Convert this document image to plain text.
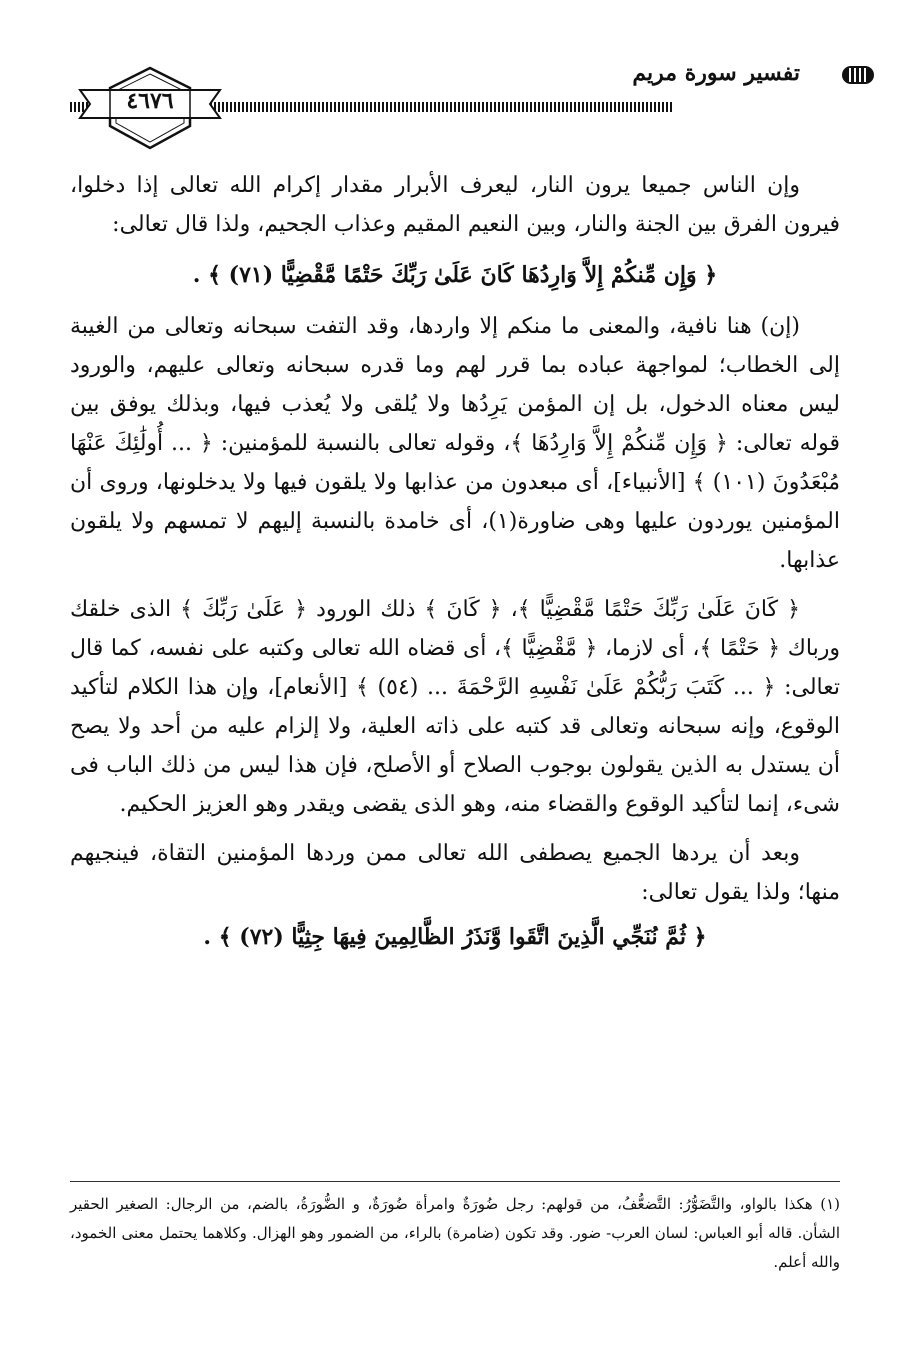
تفسير سورة مريم
٤٦٧٦

وإن الناس جميعا يرون النار، ليعرف الأبرار مقدار إكرام الله تعالى إذا دخلوا، فيرون الفرق بين الجنة والنار، وبين النعيم المقيم وعذاب الجحيم، ولذا قال تعالى:

﴿ وَإِن مِّنكُمْ إِلاَّ وَارِدُهَا كَانَ عَلَىٰ رَبِّكَ حَتْمًا مَّقْضِيًّا (٧١) ﴾ .

(إن) هنا نافية، والمعنى ما منكم إلا واردها، وقد التفت سبحانه وتعالى من الغيبة إلى الخطاب؛ لمواجهة عباده بما قرر لهم وما قدره سبحانه وتعالى عليهم، والورود ليس معناه الدخول، بل إن المؤمن يَرِدُها ولا يُلقى ولا يُعذب فيها، وبذلك يوفق بين قوله تعالى: ﴿ وَإِن مِّنكُمْ إِلاَّ وَارِدُهَا ﴾، وقوله تعالى بالنسبة للمؤمنين: ﴿ ... أُولَٰئِكَ عَنْهَا مُبْعَدُونَ (١٠١) ﴾ [الأنبياء]، أى مبعدون من عذابها ولا يلقون فيها ولا يدخلونها، وروى أن المؤمنين يوردون عليها وهى ضاورة(١)، أى خامدة بالنسبة إليهم لا تمسهم ولا يلقون عذابها.

﴿ كَانَ عَلَىٰ رَبِّكَ حَتْمًا مَّقْضِيًّا ﴾، ﴿ كَانَ ﴾ ذلك الورود ﴿ عَلَىٰ رَبِّكَ ﴾ الذى خلقك ورباك ﴿ حَتْمًا ﴾، أى لازما، ﴿ مَّقْضِيًّا ﴾، أى قضاه الله تعالى وكتبه على نفسه، كما قال تعالى: ﴿ ... كَتَبَ رَبُّكُمْ عَلَىٰ نَفْسِهِ الرَّحْمَةَ ... (٥٤) ﴾ [الأنعام]، وإن هذا الكلام لتأكيد الوقوع، وإنه سبحانه وتعالى قد كتبه على ذاته العلية، ولا إلزام عليه من أحد ولا يصح أن يستدل به الذين يقولون بوجوب الصلاح أو الأصلح، فإن هذا ليس من ذلك الباب فى شىء، إنما لتأكيد الوقوع والقضاء منه، وهو الذى يقضى ويقدر وهو العزيز الحكيم.

وبعد أن يردها الجميع يصطفى الله تعالى ممن وردها المؤمنين التقاة، فينجيهم منها؛ ولذا يقول تعالى:

﴿ ثُمَّ نُنَجِّي الَّذِينَ اتَّقَوا وَّنَذَرُ الظَّالِمِينَ فِيهَا جِثِيًّا (٧٢) ﴾ .

(١) هكذا بالواو، والتَّضَوُّرُ: التَّضعُّفُ، من قولهم: رجل ضُورَةٌ وامرأة ضُورَةٌ، و الضُّورَةُ، بالضم، من الرجال: الصغير الحقير الشأن. قاله أبو العباس: لسان العرب- ضور. وقد تكون (ضامرة) بالراء، من الضمور وهو الهزال. وكلاهما يحتمل معنى الخمود، والله أعلم.
